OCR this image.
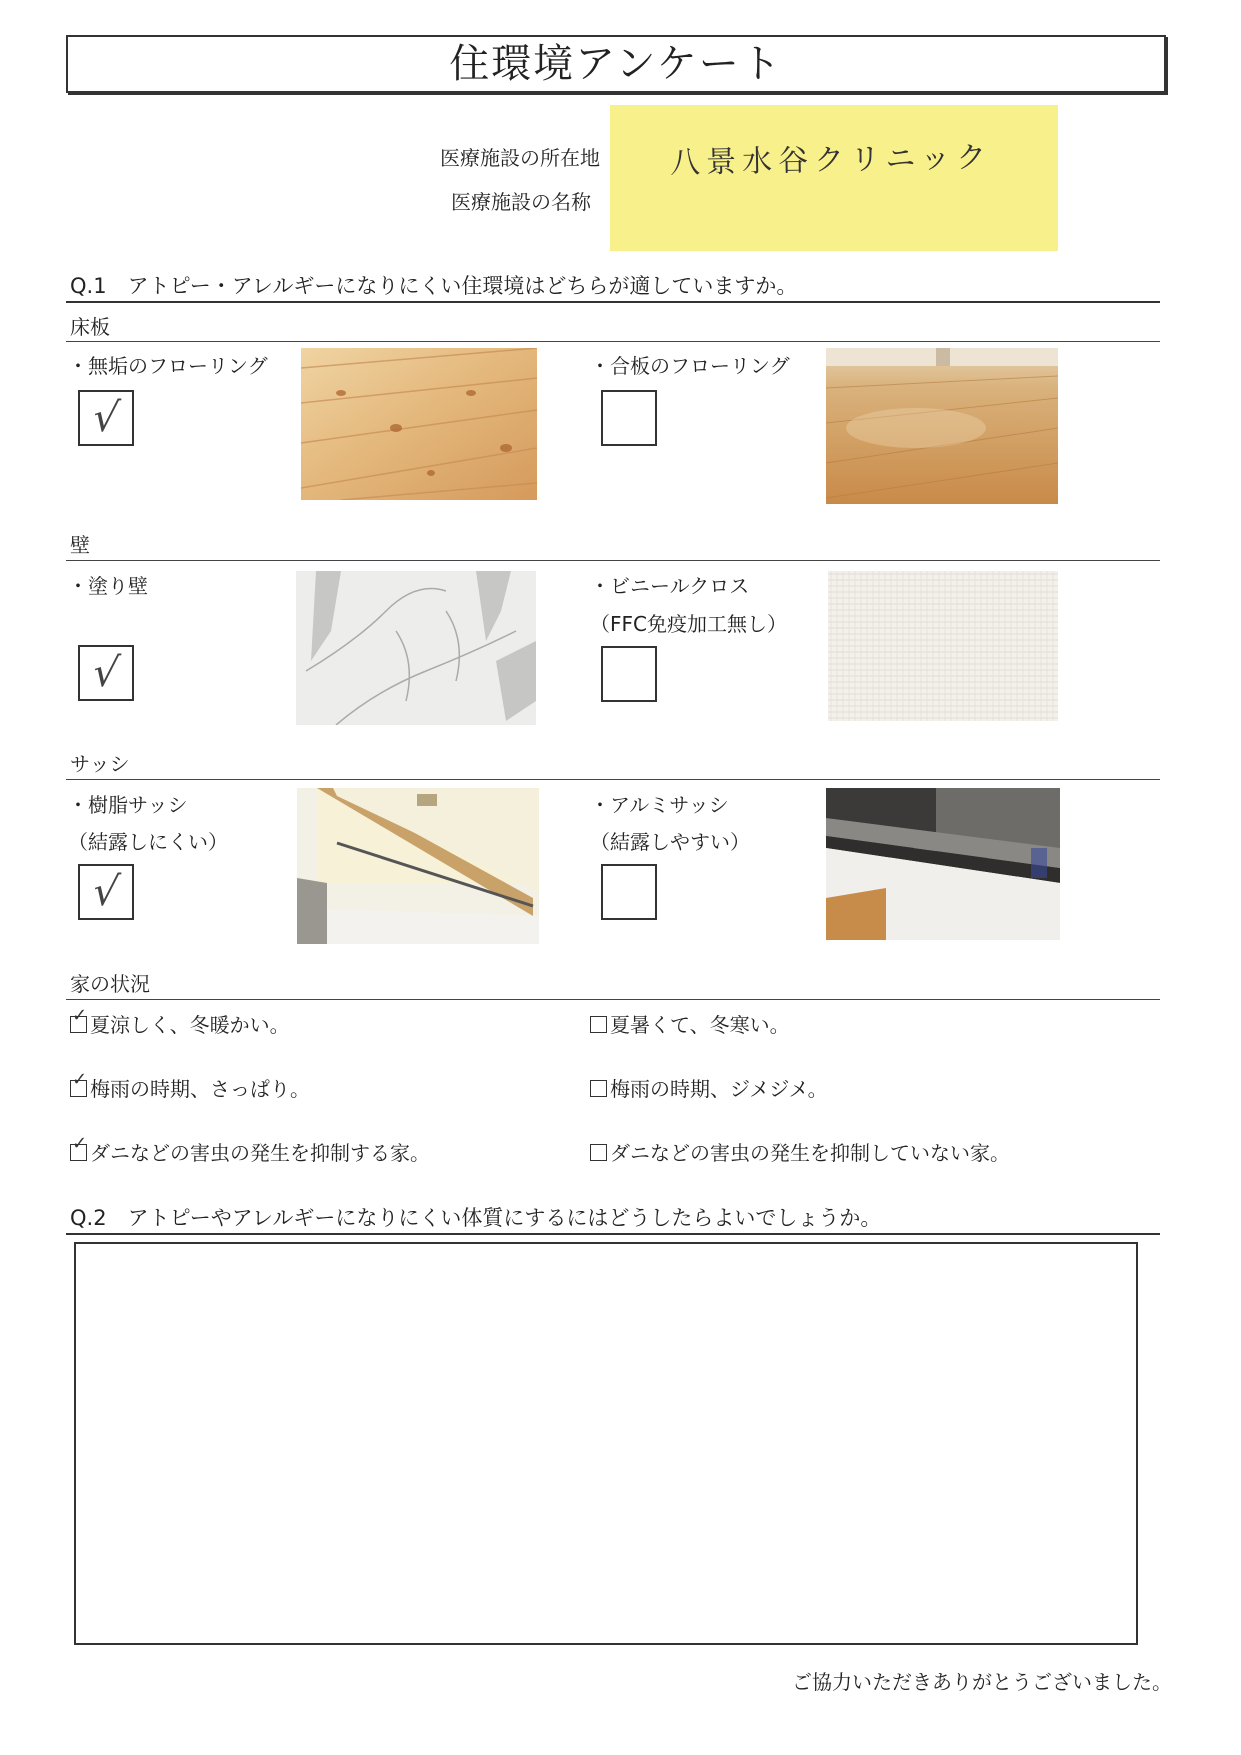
住環境アンケート
医療施設の所在地
医療施設の名称
八景水谷クリニック
Q.1　アトピー・アレルギーになりにくい住環境はどちらが適していますか。
床板
・無垢のフローリング
√
・合板のフローリング
壁
・塗り壁
√
・ビニールクロス
（FFC免疫加工無し）
サッシ
・樹脂サッシ
（結露しにくい）
√
・アルミサッシ
（結露しやすい）
家の状況
✓夏涼しく、冬暖かい。
✓梅雨の時期、さっぱり。
✓ダニなどの害虫の発生を抑制する家。
夏暑くて、冬寒い。
梅雨の時期、ジメジメ。
ダニなどの害虫の発生を抑制していない家。
Q.2　アトピーやアレルギーになりにくい体質にするにはどうしたらよいでしょうか。
ご協力いただきありがとうございました。
